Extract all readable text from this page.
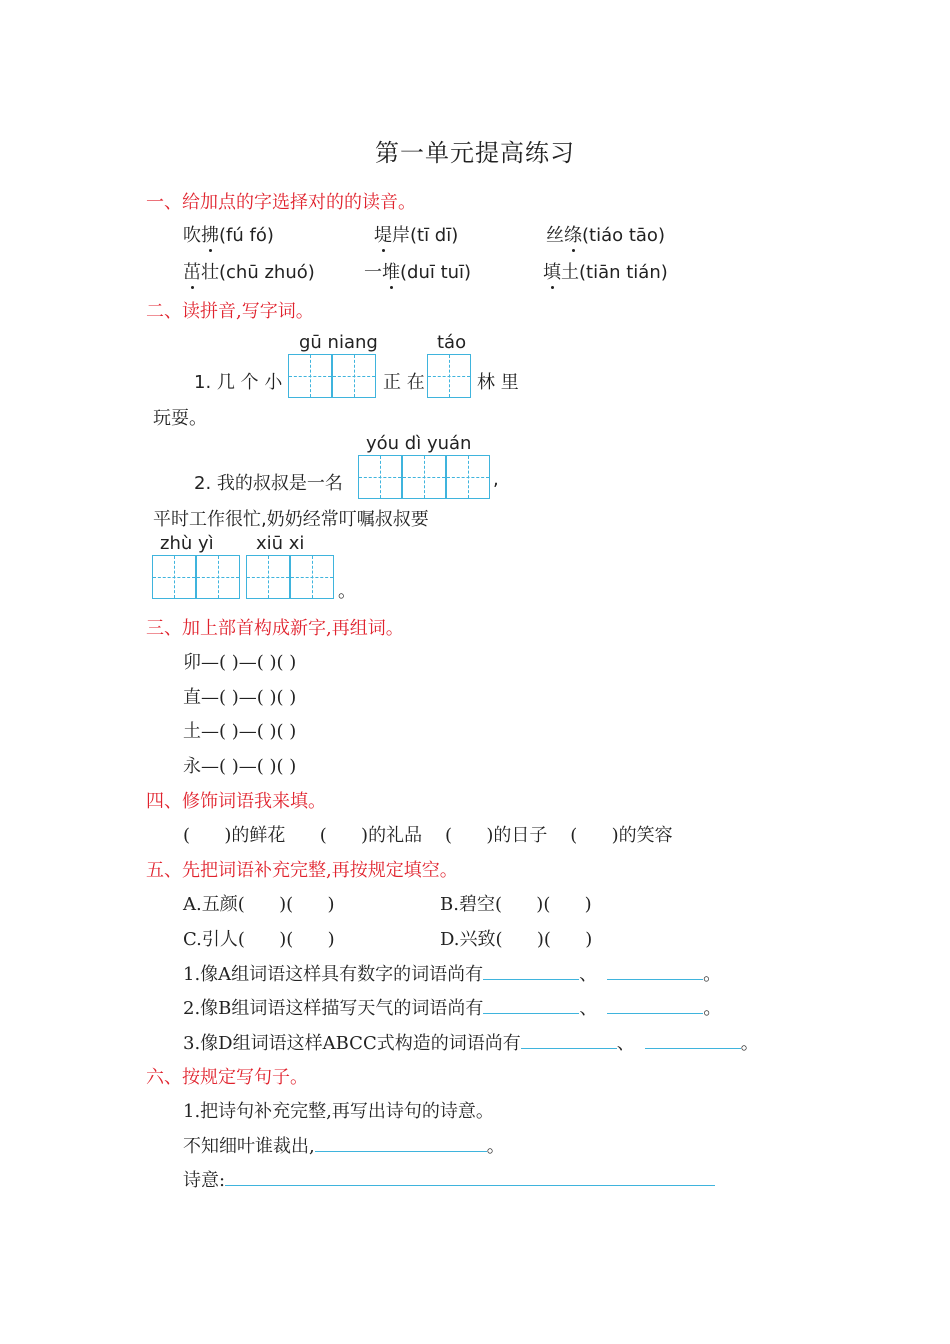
第一单元提高练习
一、给加点的字选择对的的读音。
吹拂(fú fó)	堤岸(tī dī)	丝绦(tiáo tāo)
茁壮(chū zhuó)	一堆(duī tuī)	填土(tiān tián)
二、读拼音,写字词。
gū niang	táo
1. 几 个 小	正 在	林 里
玩耍。
yóu dì yuán
2. 我的叔叔是一名	,
平时工作很忙,奶奶经常叮嘱叔叔要
zhù yì xiū xi
。
三、加上部首构成新字,再组词。
卯—( )—( )( )
直—( )—( )( )
土—( )—( )( )
永—( )—( )( )
四、修饰词语我来填。
(      )的鲜花      (      )的礼品    (      )的日子    (      )的笑容
五、先把词语补充完整,再按规定填空。
A.五颜(      )(      )	B.碧空(      )(      )
C.引人(      )(      )	D.兴致(      )(      )
1.像A组词语这样具有数字的词语尚有	、	。
2.像B组词语这样描写天气的词语尚有	、	。
3.像D组词语这样ABCC式构造的词语尚有	、	。
六、按规定写句子。
1.把诗句补充完整,再写出诗句的诗意。
不知细叶谁裁出,	。
诗意:
